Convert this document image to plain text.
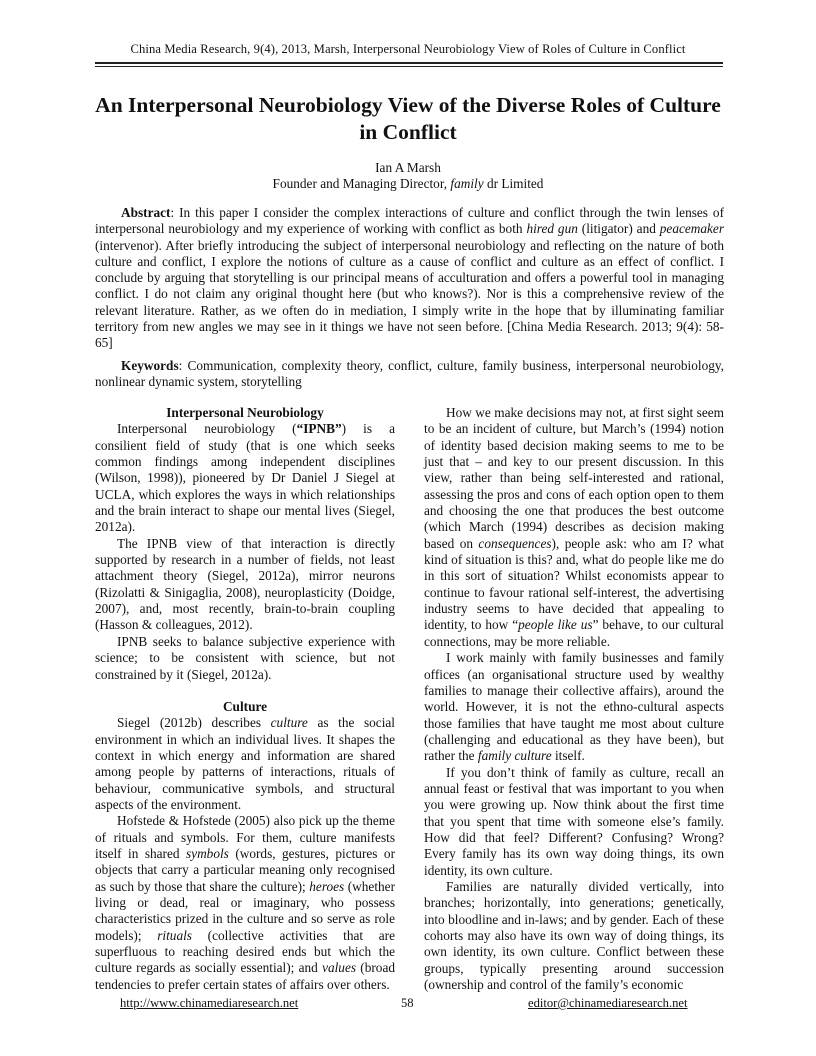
China Media Research, 9(4), 2013, Marsh, Interpersonal Neurobiology View of Roles of Culture in Conflict
An Interpersonal Neurobiology View of the Diverse Roles of Culture
in Conflict
Ian A Marsh
Founder and Managing Director, family dr Limited
Abstract: In this paper I consider the complex interactions of culture and conflict through the twin lenses of interpersonal neurobiology and my experience of working with conflict as both hired gun (litigator) and peacemaker (intervenor). After briefly introducing the subject of interpersonal neurobiology and reflecting on the nature of both culture and conflict, I explore the notions of culture as a cause of conflict and culture as an effect of conflict. I conclude by arguing that storytelling is our principal means of acculturation and offers a powerful tool in managing conflict. I do not claim any original thought here (but who knows?). Nor is this a comprehensive review of the relevant literature. Rather, as we often do in mediation, I simply write in the hope that by illuminating familiar territory from new angles we may see in it things we have not seen before. [China Media Research. 2013; 9(4): 58-65]
Keywords: Communication, complexity theory, conflict, culture, family business, interpersonal neurobiology, nonlinear dynamic system, storytelling
Interpersonal Neurobiology

Interpersonal neurobiology (“IPNB”) is a consilient field of study (that is one which seeks common findings among independent disciplines (Wilson, 1998)), pioneered by Dr Daniel J Siegel at UCLA, which explores the ways in which relationships and the brain interact to shape our mental lives (Siegel, 2012a).

The IPNB view of that interaction is directly supported by research in a number of fields, not least attachment theory (Siegel, 2012a), mirror neurons (Rizolatti & Sinigaglia, 2008), neuroplasticity (Doidge, 2007), and, most recently, brain-to-brain coupling (Hasson & colleagues, 2012).

IPNB seeks to balance subjective experience with science; to be consistent with science, but not constrained by it (Siegel, 2012a).

Culture

Siegel (2012b) describes culture as the social environment in which an individual lives. It shapes the context in which energy and information are shared among people by patterns of interactions, rituals of behaviour, communicative symbols, and structural aspects of the environment.

Hofstede & Hofstede (2005) also pick up the theme of rituals and symbols. For them, culture manifests itself in shared symbols (words, gestures, pictures or objects that carry a particular meaning only recognised as such by those that share the culture); heroes (whether living or dead, real or imaginary, who possess characteristics prized in the culture and so serve as role models); rituals (collective activities that are superfluous to reaching desired ends but which the culture regards as socially essential); and values (broad tendencies to prefer certain states of affairs over others.

How we make decisions may not, at first sight seem to be an incident of culture, but March’s (1994) notion of identity based decision making seems to me to be just that – and key to our present discussion. In this view, rather than being self-interested and rational, assessing the pros and cons of each option open to them and choosing the one that produces the best outcome (which March (1994) describes as decision making based on consequences), people ask: who am I? what kind of situation is this? and, what do people like me do in this sort of situation? Whilst economists appear to continue to favour rational self-interest, the advertising industry seems to have decided that appealing to identity, to how “people like us” behave, to our cultural connections, may be more reliable.

I work mainly with family businesses and family offices (an organisational structure used by wealthy families to manage their collective affairs), around the world. However, it is not the ethno-cultural aspects those families that have taught me most about culture (challenging and educational as they have been), but rather the family culture itself.

If you don’t think of family as culture, recall an annual feast or festival that was important to you when you were growing up. Now think about the first time that you spent that time with someone else’s family. How did that feel? Different? Confusing? Wrong? Every family has its own way doing things, its own identity, its own culture.

Families are naturally divided vertically, into branches; horizontally, into generations; genetically, into bloodline and in-laws; and by gender. Each of these cohorts may also have its own way of doing things, its own identity, its own culture. Conflict between these groups, typically presenting around succession (ownership and control of the family’s economic

http://www.chinamediaresearch.net	58	editor@chinamediaresearch.net
